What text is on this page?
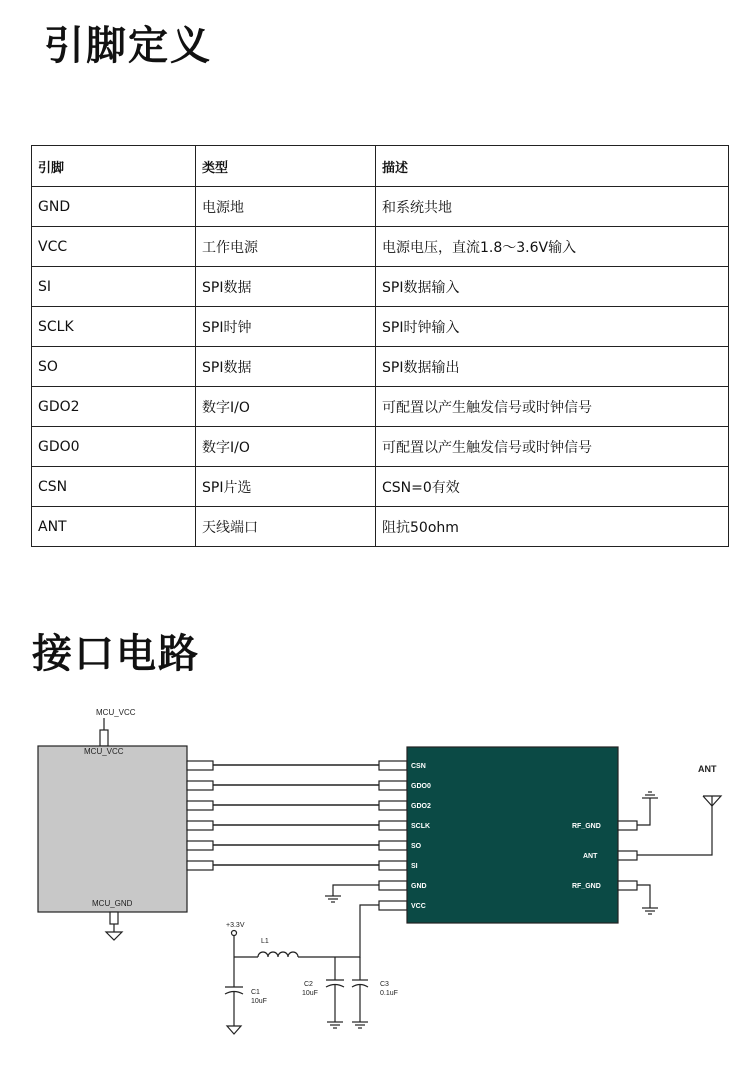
引脚定义
引脚	类型	描述
GND	电源地	和系统共地
VCC	工作电源	电源电压，直流1.8～3.6V输入
SI	SPI数据	SPI数据输入
SCLK	SPI时钟	SPI时钟输入
SO	SPI数据	SPI数据输出
GDO2	数字I/O	可配置以产生触发信号或时钟信号
GDO0	数字I/O	可配置以产生触发信号或时钟信号
CSN	SPI片选	CSN=0有效
ANT	天线端口	阻抗50ohm
接口电路
MCU_VCC
MCU_VCC
MCU_GND
CSN
GDO0
GDO2
SCLK
SO
SI
GND
VCC
RF_GND
ANT
RF_GND
ANT
+3.3V
L1
C1
10uF
C2
10uF
C3
0.1uF
